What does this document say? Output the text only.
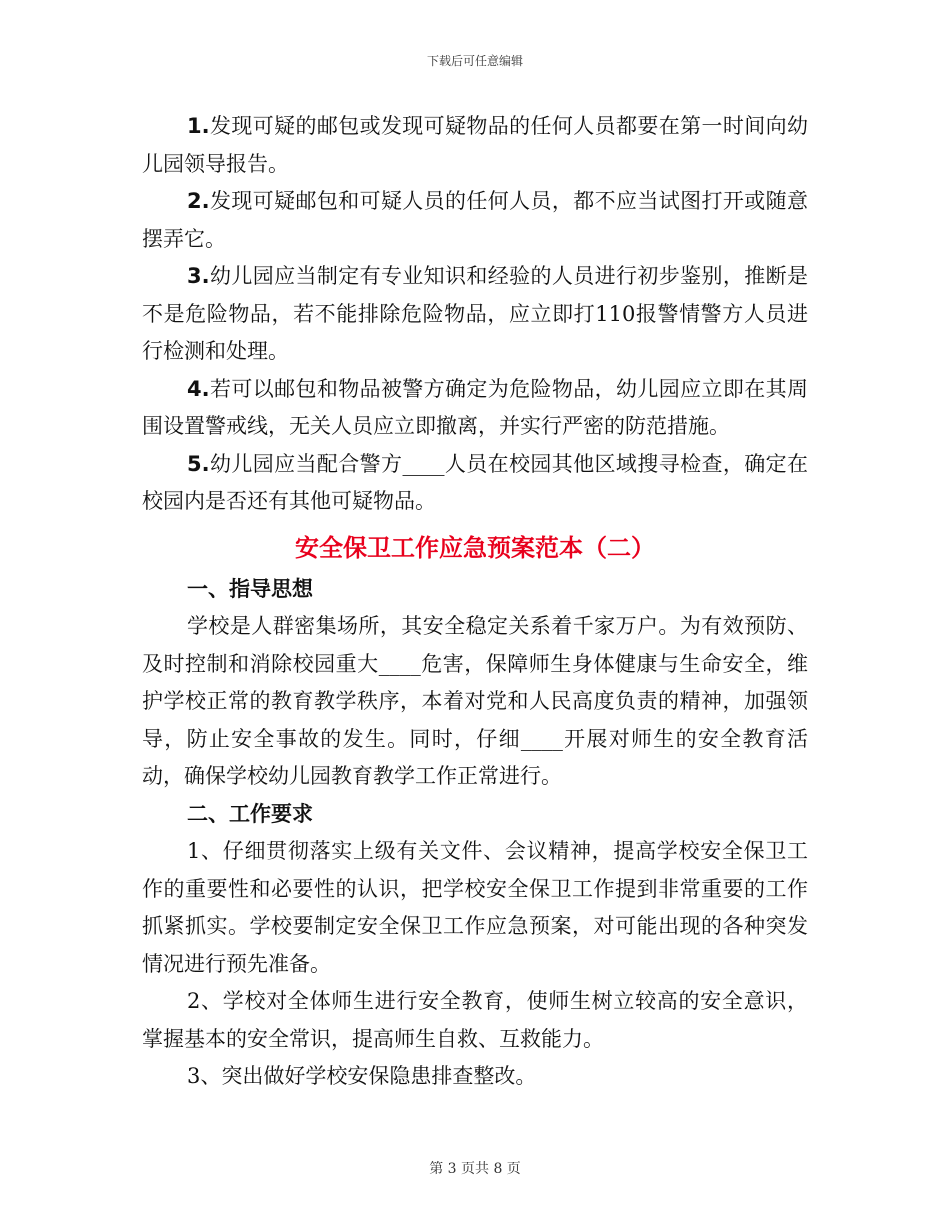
下载后可任意编辑

1.发现可疑的邮包或发现可疑物品的任何人员都要在第一时间向幼儿园领导报告。

2.发现可疑邮包和可疑人员的任何人员，都不应当试图打开或随意摆弄它。

3.幼儿园应当制定有专业知识和经验的人员进行初步鉴别，推断是不是危险物品，若不能排除危险物品，应立即打110报警情警方人员进行检测和处理。

4.若可以邮包和物品被警方确定为危险物品，幼儿园应立即在其周围设置警戒线，无关人员应立即撤离，并实行严密的防范措施。

5.幼儿园应当配合警方____人员在校园其他区域搜寻检查，确定在校园内是否还有其他可疑物品。

安全保卫工作应急预案范本（二）

一、指导思想

学校是人群密集场所，其安全稳定关系着千家万户。为有效预防、及时控制和消除校园重大____危害，保障师生身体健康与生命安全，维护学校正常的教育教学秩序，本着对党和人民高度负责的精神，加强领导，防止安全事故的发生。同时，仔细____开展对师生的安全教育活动，确保学校幼儿园教育教学工作正常进行。

二、工作要求

1、仔细贯彻落实上级有关文件、会议精神，提高学校安全保卫工作的重要性和必要性的认识，把学校安全保卫工作提到非常重要的工作抓紧抓实。学校要制定安全保卫工作应急预案，对可能出现的各种突发情况进行预先准备。

2、学校对全体师生进行安全教育，使师生树立较高的安全意识，掌握基本的安全常识，提高师生自救、互救能力。

3、突出做好学校安保隐患排查整改。

第 3 页共 8 页
